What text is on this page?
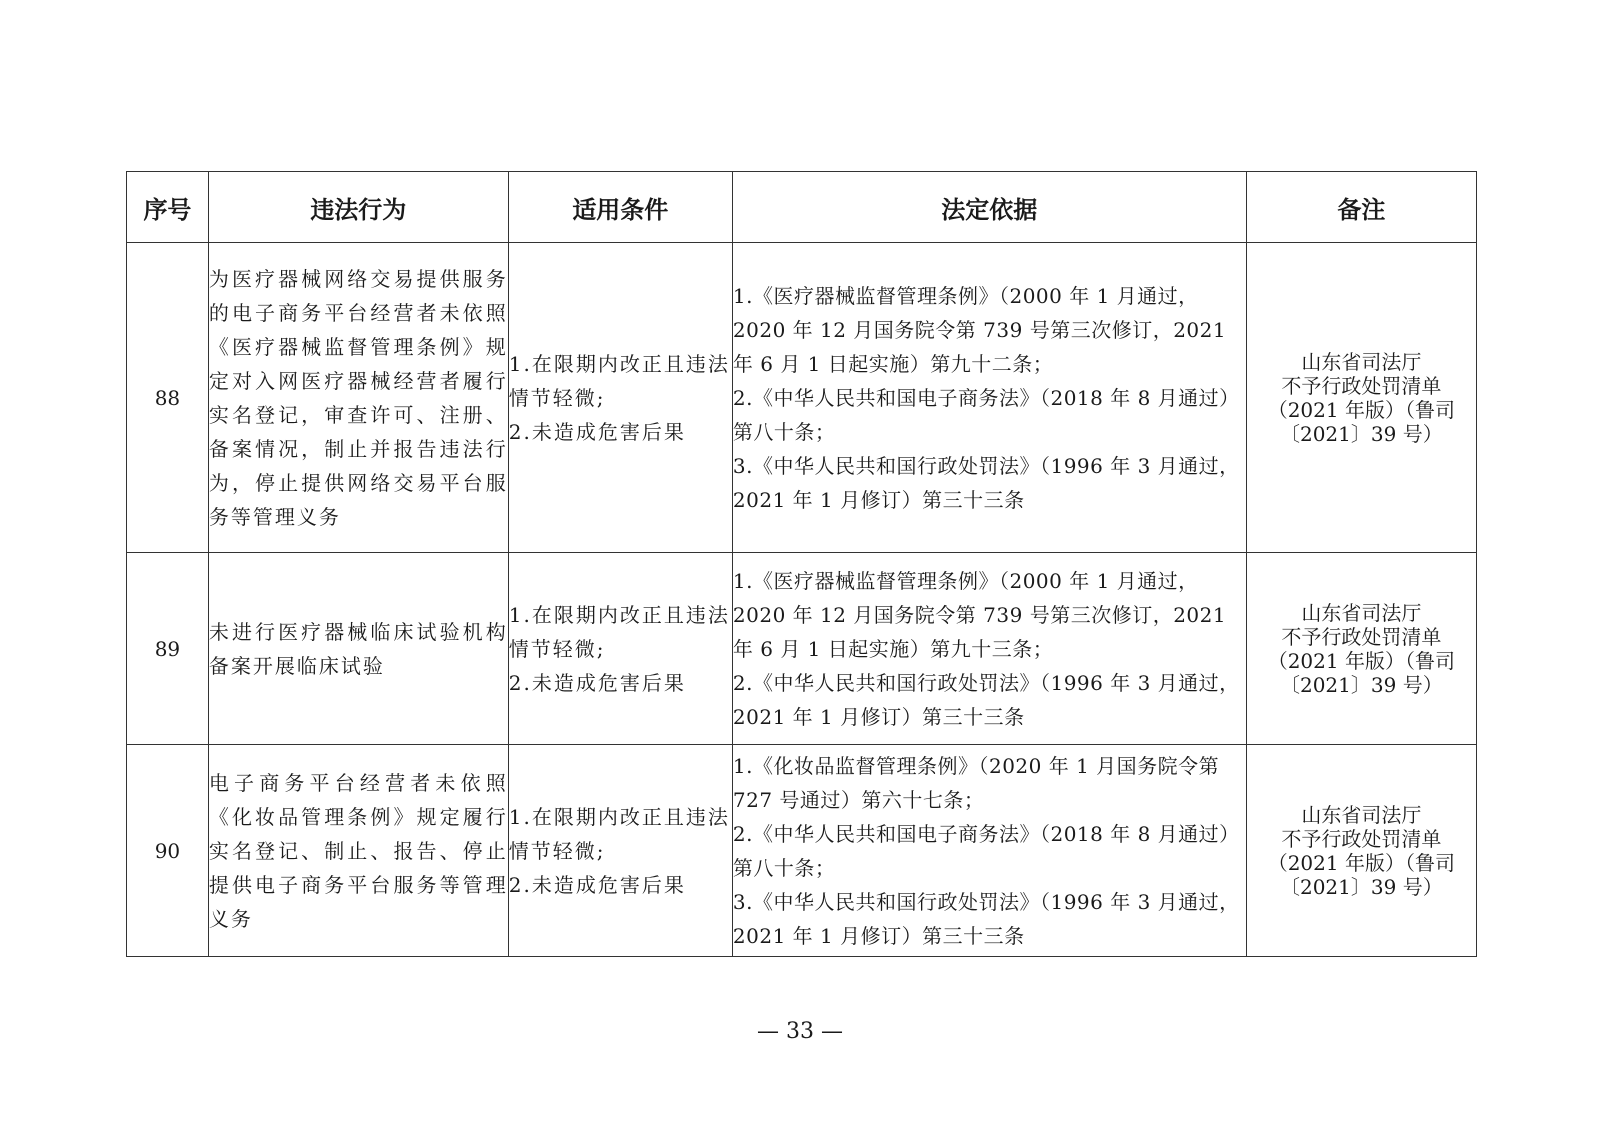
序号	违法行为	适用条件	法定依据	备注
88	为医疗器械网络交易提供服务的电子商务平台经营者未依照《医疗器械监督管理条例》规定对入网医疗器械经营者履行实名登记，审查许可、注册、备案情况，制止并报告违法行为，停止提供网络交易平台服务等管理义务	1.在限期内改正且违法情节轻微;
2.未造成危害后果	1.《医疗器械监督管理条例》（2000 年 1 月通过，2020 年 12 月国务院令第 739 号第三次修订，2021 年 6 月 1 日起实施）第九十二条；
2.《中华人民共和国电子商务法》（2018 年 8 月通过）第八十条；
3.《中华人民共和国行政处罚法》（1996 年 3 月通过，2021 年 1 月修订）第三十三条	山东省司法厅
不予行政处罚清单
（2021 年版）（鲁司
〔2021〕39 号）

89	未进行医疗器械临床试验机构备案开展临床试验	1.在限期内改正且违法情节轻微;
2.未造成危害后果	1.《医疗器械监督管理条例》（2000 年 1 月通过，2020 年 12 月国务院令第 739 号第三次修订，2021 年 6 月 1 日起实施）第九十三条；
2.《中华人民共和国行政处罚法》（1996 年 3 月通过，2021 年 1 月修订）第三十三条	山东省司法厅
不予行政处罚清单
（2021 年版）（鲁司
〔2021〕39 号）

90	电子商务平台经营者未依照《化妆品管理条例》规定履行实名登记、制止、报告、停止提供电子商务平台服务等管理义务	1.在限期内改正且违法情节轻微;
2.未造成危害后果	1.《化妆品监督管理条例》（2020 年 1 月国务院令第 727 号通过）第六十七条；
2.《中华人民共和国电子商务法》（2018 年 8 月通过）第八十条；
3.《中华人民共和国行政处罚法》（1996 年 3 月通过，2021 年 1 月修订）第三十三条	山东省司法厅
不予行政处罚清单
（2021 年版）（鲁司
〔2021〕39 号）
— 33 —
